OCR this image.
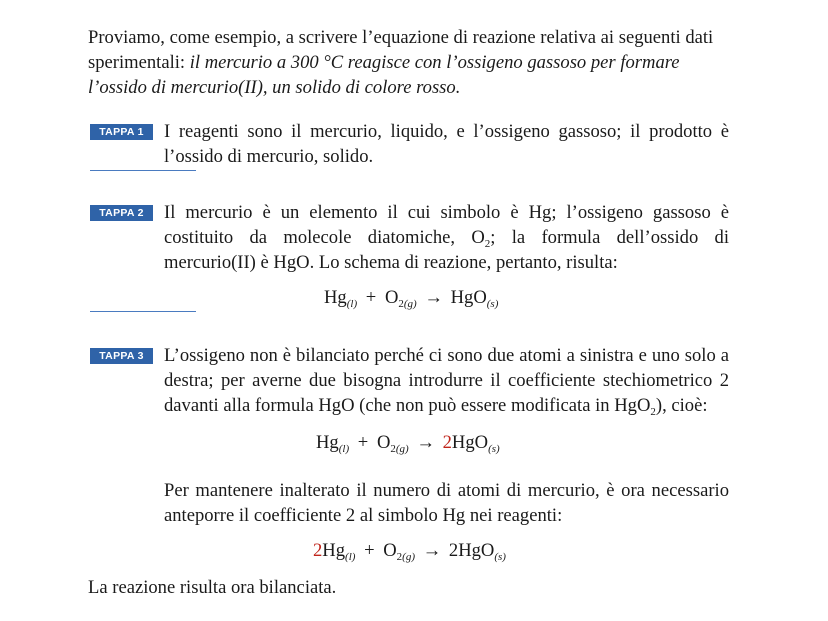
Proviamo, come esempio, a scrivere l’equazione di reazione relativa ai seguenti dati sperimentali: il mercurio a 300 °C reagisce con l’ossigeno gassoso per formare l’ossido di mercurio(II), un solido di colore rosso.

TAPPA 1	I reagenti sono il mercurio, liquido, e l’ossigeno gassoso; il prodotto è l’ossido di mercurio, solido.

TAPPA 2	Il mercurio è un elemento il cui simbolo è Hg; l’ossigeno gassoso è costituito da molecole diatomiche, $O_2$; la formula dell’ossido di mercurio(II) è HgO. Lo schema di reazione, pertanto, risulta:

$Hg_{(l)} + O_{2(g)} \to HgO_{(s)}$
TAPPA 3	L’ossigeno non è bilanciato perché ci sono due atomi a sinistra e uno solo a destra; per averne due bisogna introdurre il coefficiente stechiometrico 2 davanti alla formula HgO (che non può essere modificata in HgO$_2$), cioè:

$Hg_{(l)} + O_{2(g)} \to 2HgO_{(s)}$

Per mantenere inalterato il numero di atomi di mercurio, è ora necessario anteporre il coefficiente 2 al simbolo Hg nei reagenti:

$2Hg_{(l)} + O_{2(g)} \to 2HgO_{(s)}$

La reazione risulta ora bilanciata.
